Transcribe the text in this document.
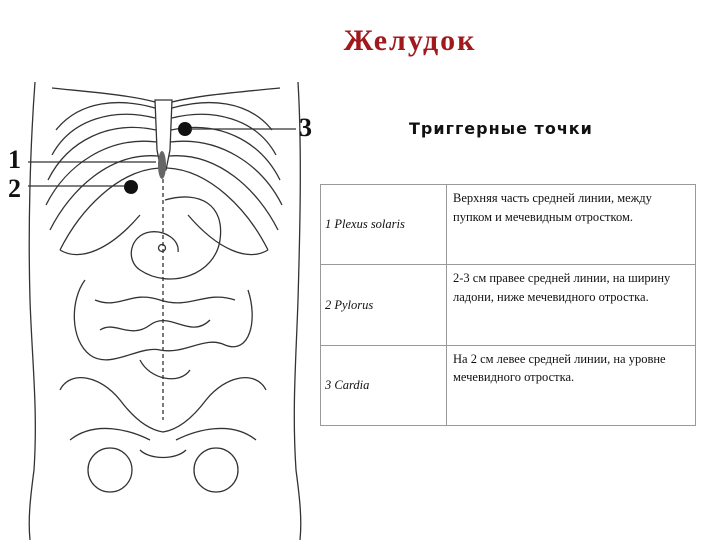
Желудок
Триггерные точки
1
2
3
1 Plexus solaris	Верхняя часть средней линии, между пупком и мечевидным отростком.
2 Pylorus	2-3 см правее средней линии, на ширину ладони, ниже мечевидного отростка.
3 Cardia	На 2 см левее средней линии, на уровне мечевидного отростка.
